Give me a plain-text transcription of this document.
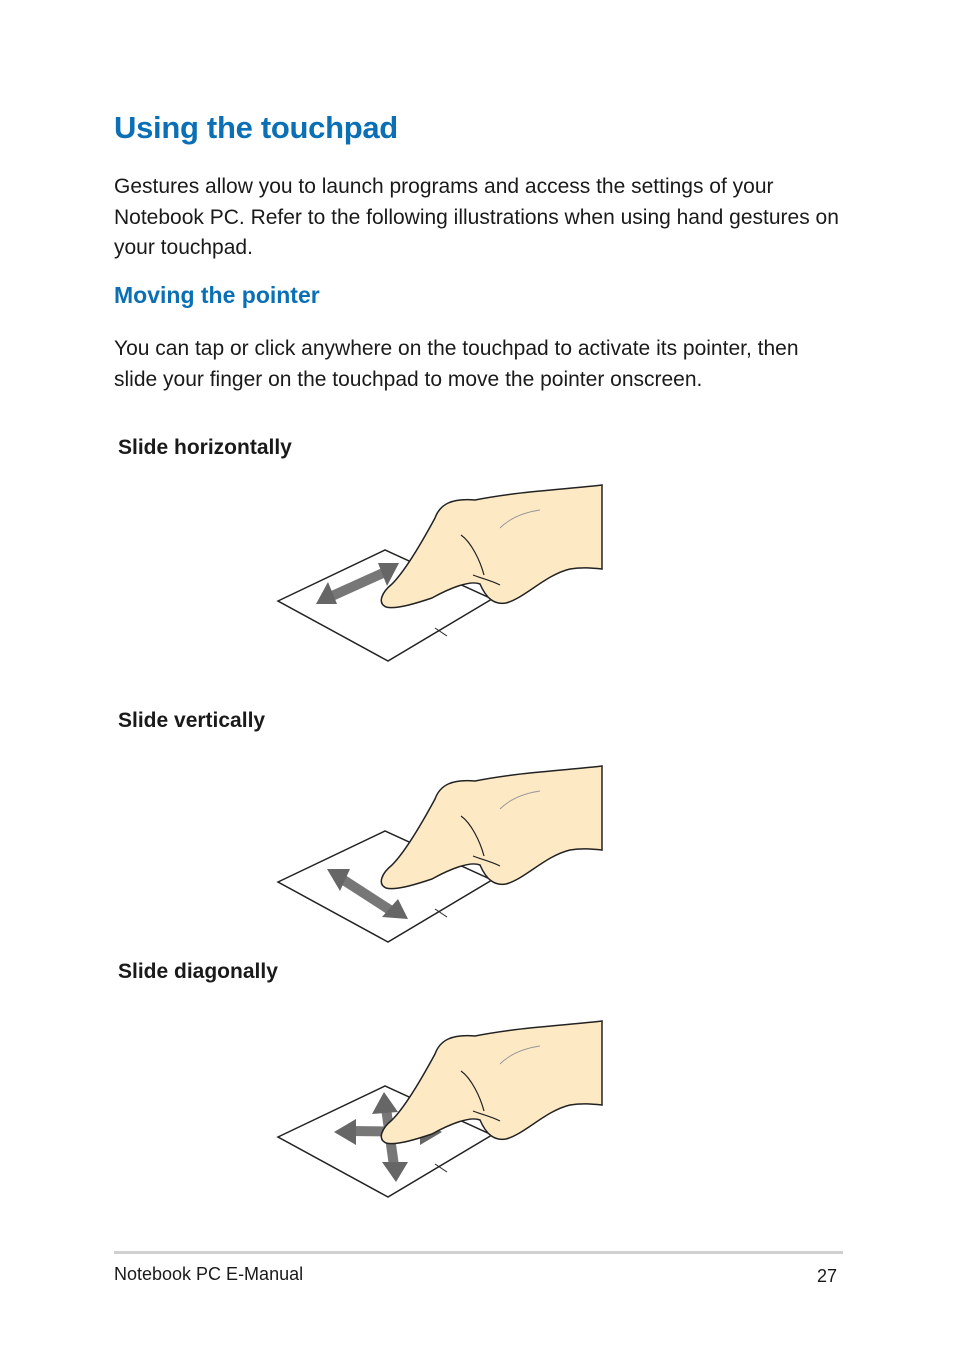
Using the touchpad

Gestures allow you to launch programs and access the settings of your Notebook PC. Refer to the following illustrations when using hand gestures on your touchpad.

Moving the pointer

You can tap or click anywhere on the touchpad to activate its pointer, then slide your finger on the touchpad to move the pointer onscreen.

Slide horizontally
Slide vertically
Slide diagonally
Notebook PC E-Manual	27
